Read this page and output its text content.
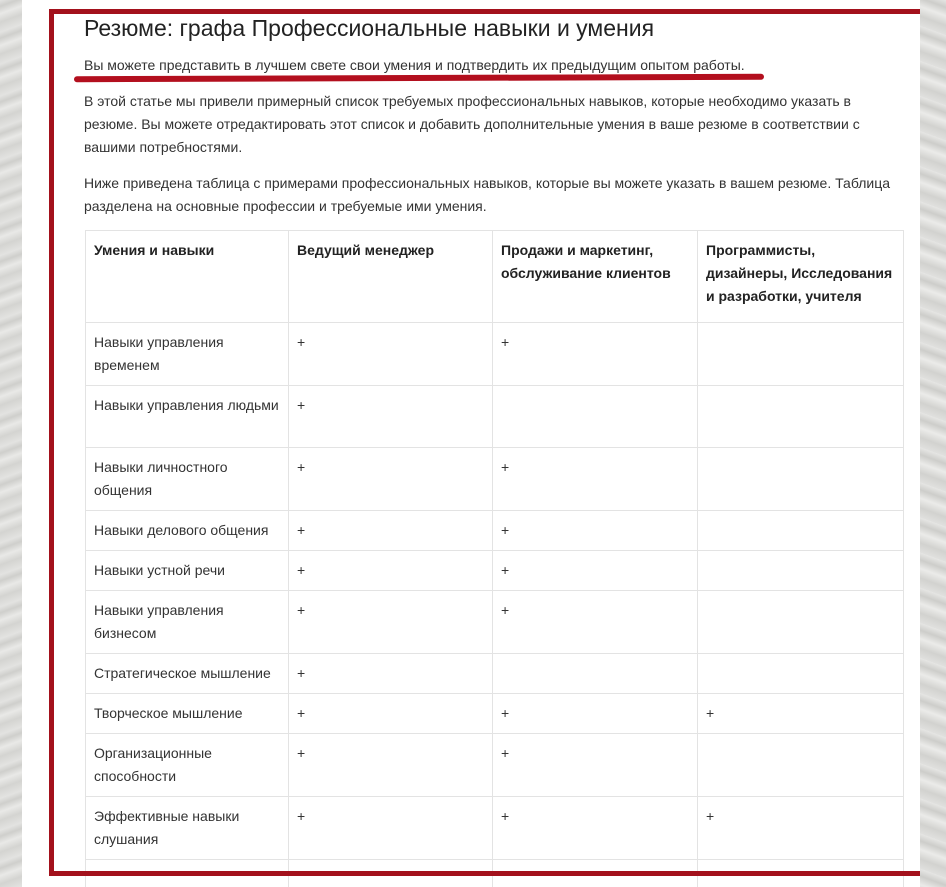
Резюме: графа Профессиональные навыки и умения

Вы можете представить в лучшем свете свои умения и подтвердить их предыдущим опытом работы.

В этой статье мы привели примерный список требуемых профессиональных навыков, которые необходимо указать в резюме. Вы можете отредактировать этот список и добавить дополнительные умения в ваше резюме в соответствии с вашими потребностями.

Ниже приведена таблица с примерами профессиональных навыков, которые вы можете указать в вашем резюме. Таблица разделена на основные профессии и требуемые ими умения.

Умения и навыки	Ведущий менеджер	Продажи и маркетинг, обслуживание клиентов	Программисты, дизайнеры, Исследования и разработки, учителя
Навыки управления временем	+	+	
Навыки управления людьми	+		
Навыки личностного общения	+	+	
Навыки делового общения	+	+	
Навыки устной речи	+	+	
Навыки управления бизнесом	+	+	
Стратегическое мышление	+		
Творческое мышление	+	+	+
Организационные способности	+	+	
Эффективные навыки слушания	+	+	+
